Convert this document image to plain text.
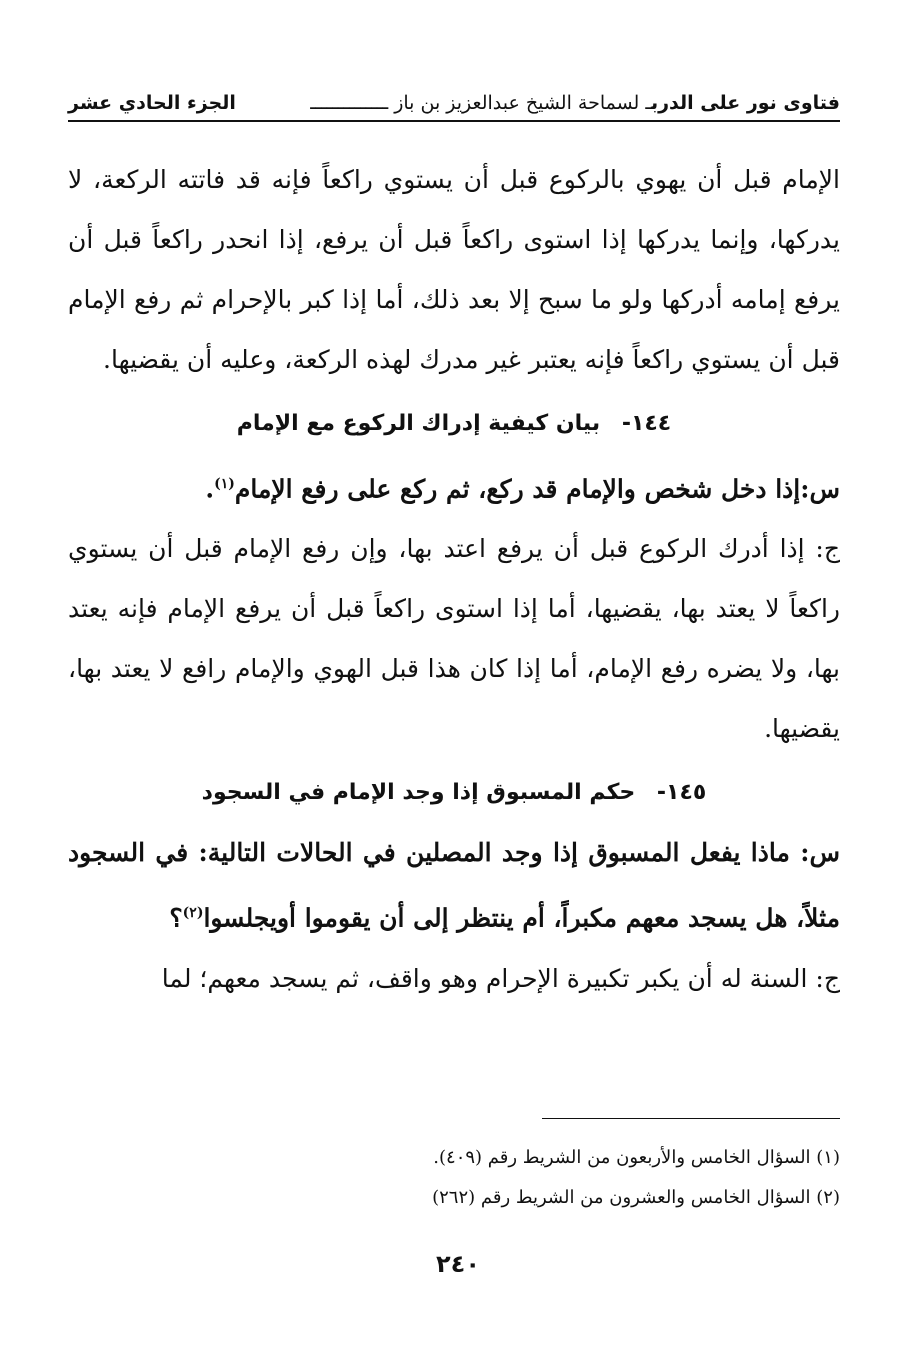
فتاوى نور على الدربـ لسماحة الشيخ عبدالعزيز بن باز ــــــــــــــ
الجزء الحادي عشر

الإمام قبل أن يهوي بالركوع قبل أن يستوي راكعاً فإنه قد فاتته الركعة، لا يدركها، وإنما يدركها إذا استوى راكعاً قبل أن يرفع، إذا انحدر راكعاً قبل أن يرفع إمامه أدركها ولو ما سبح إلا بعد ذلك، أما إذا كبر بالإحرام ثم رفع الإمام قبل أن يستوي راكعاً فإنه يعتبر غير مدرك لهذه الركعة، وعليه أن يقضيها.

١٤٤- بيان كيفية إدراك الركوع مع الإمام

س:إذا دخل شخص والإمام قد ركع، ثم ركع على رفع الإمام$^{(١)}$.

ج: إذا أدرك الركوع قبل أن يرفع اعتد بها، وإن رفع الإمام قبل أن يستوي راكعاً لا يعتد بها، يقضيها، أما إذا استوى راكعاً قبل أن يرفع الإمام فإنه يعتد بها، ولا يضره رفع الإمام، أما إذا كان هذا قبل الهوي والإمام رافع لا يعتد بها، يقضيها.

١٤٥- حكم المسبوق إذا وجد الإمام في السجود

س: ماذا يفعل المسبوق إذا وجد المصلين في الحالات التالية: في السجود مثلاً، هل يسجد معهم مكبراً، أم ينتظر إلى أن يقوموا أويجلسوا$^{(٢)}$؟

ج: السنة له أن يكبر تكبيرة الإحرام وهو واقف، ثم يسجد معهم؛ لما

(١) السؤال الخامس والأربعون من الشريط رقم (٤٠٩).
(٢) السؤال الخامس والعشرون من الشريط رقم (٢٦٢)
٢٤٠
